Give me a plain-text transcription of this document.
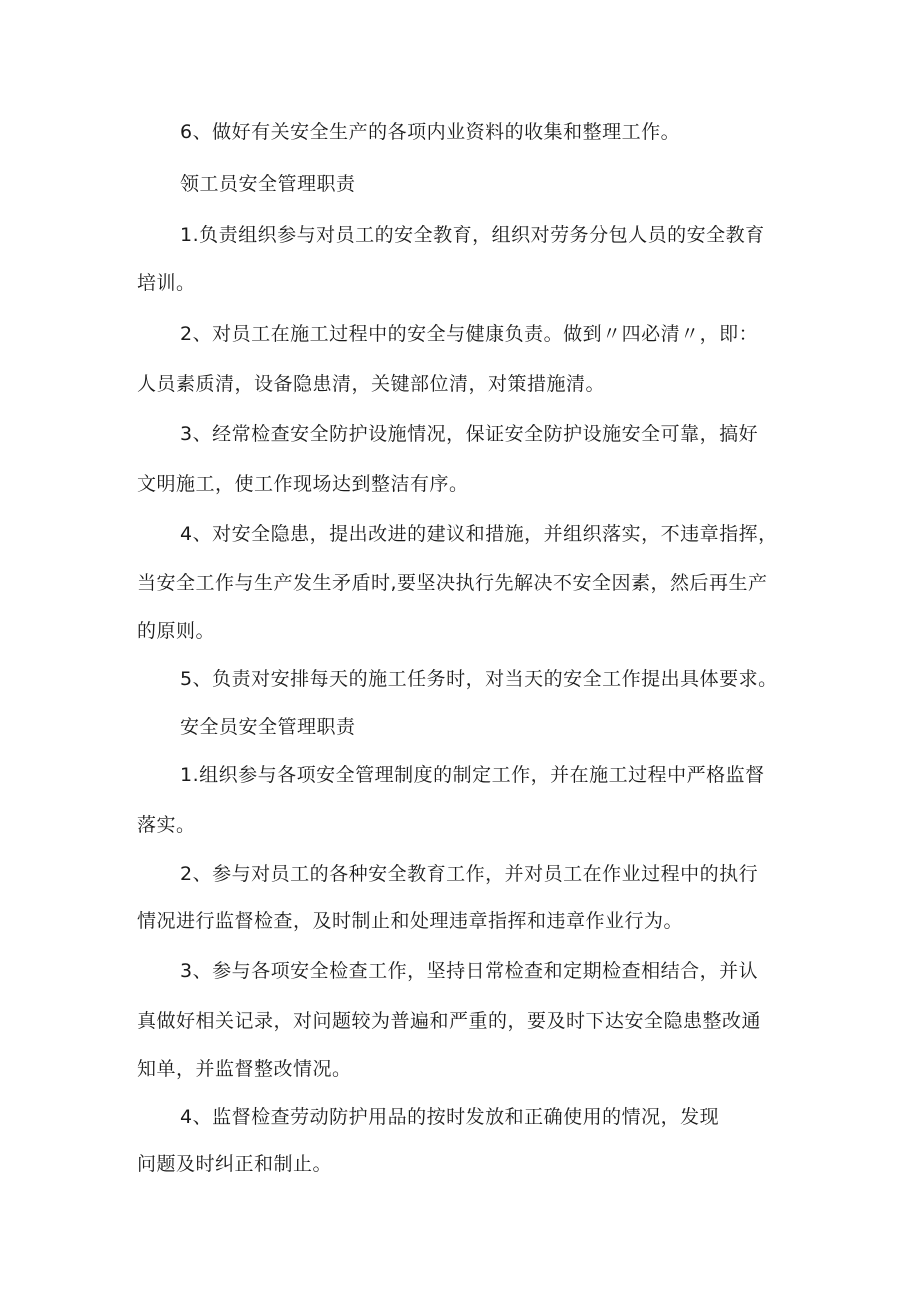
6、做好有关安全生产的各项内业资料的收集和整理工作。

领工员安全管理职责

1.负责组织参与对员工的安全教育，组织对劳务分包人员的安全教育

培训。

2、对员工在施工过程中的安全与健康负责。做到〃四必清〃，即：

人员素质清，设备隐患清，关键部位清，对策措施清。

3、经常检查安全防护设施情况，保证安全防护设施安全可靠，搞好

文明施工，使工作现场达到整洁有序。

4、对安全隐患，提出改进的建议和措施，并组织落实，不违章指挥，

当安全工作与生产发生矛盾时,要坚决执行先解决不安全因素，然后再生产

的原则。

5、负责对安排每天的施工任务时，对当天的安全工作提出具体要求。

安全员安全管理职责

1.组织参与各项安全管理制度的制定工作，并在施工过程中严格监督

落实。

2、参与对员工的各种安全教育工作，并对员工在作业过程中的执行

情况进行监督检查，及时制止和处理违章指挥和违章作业行为。

3、参与各项安全检查工作，坚持日常检查和定期检查相结合，并认

真做好相关记录，对问题较为普遍和严重的，要及时下达安全隐患整改通

知单，并监督整改情况。

4、监督检查劳动防护用品的按时发放和正确使用的情况，发现

问题及时纠正和制止。
